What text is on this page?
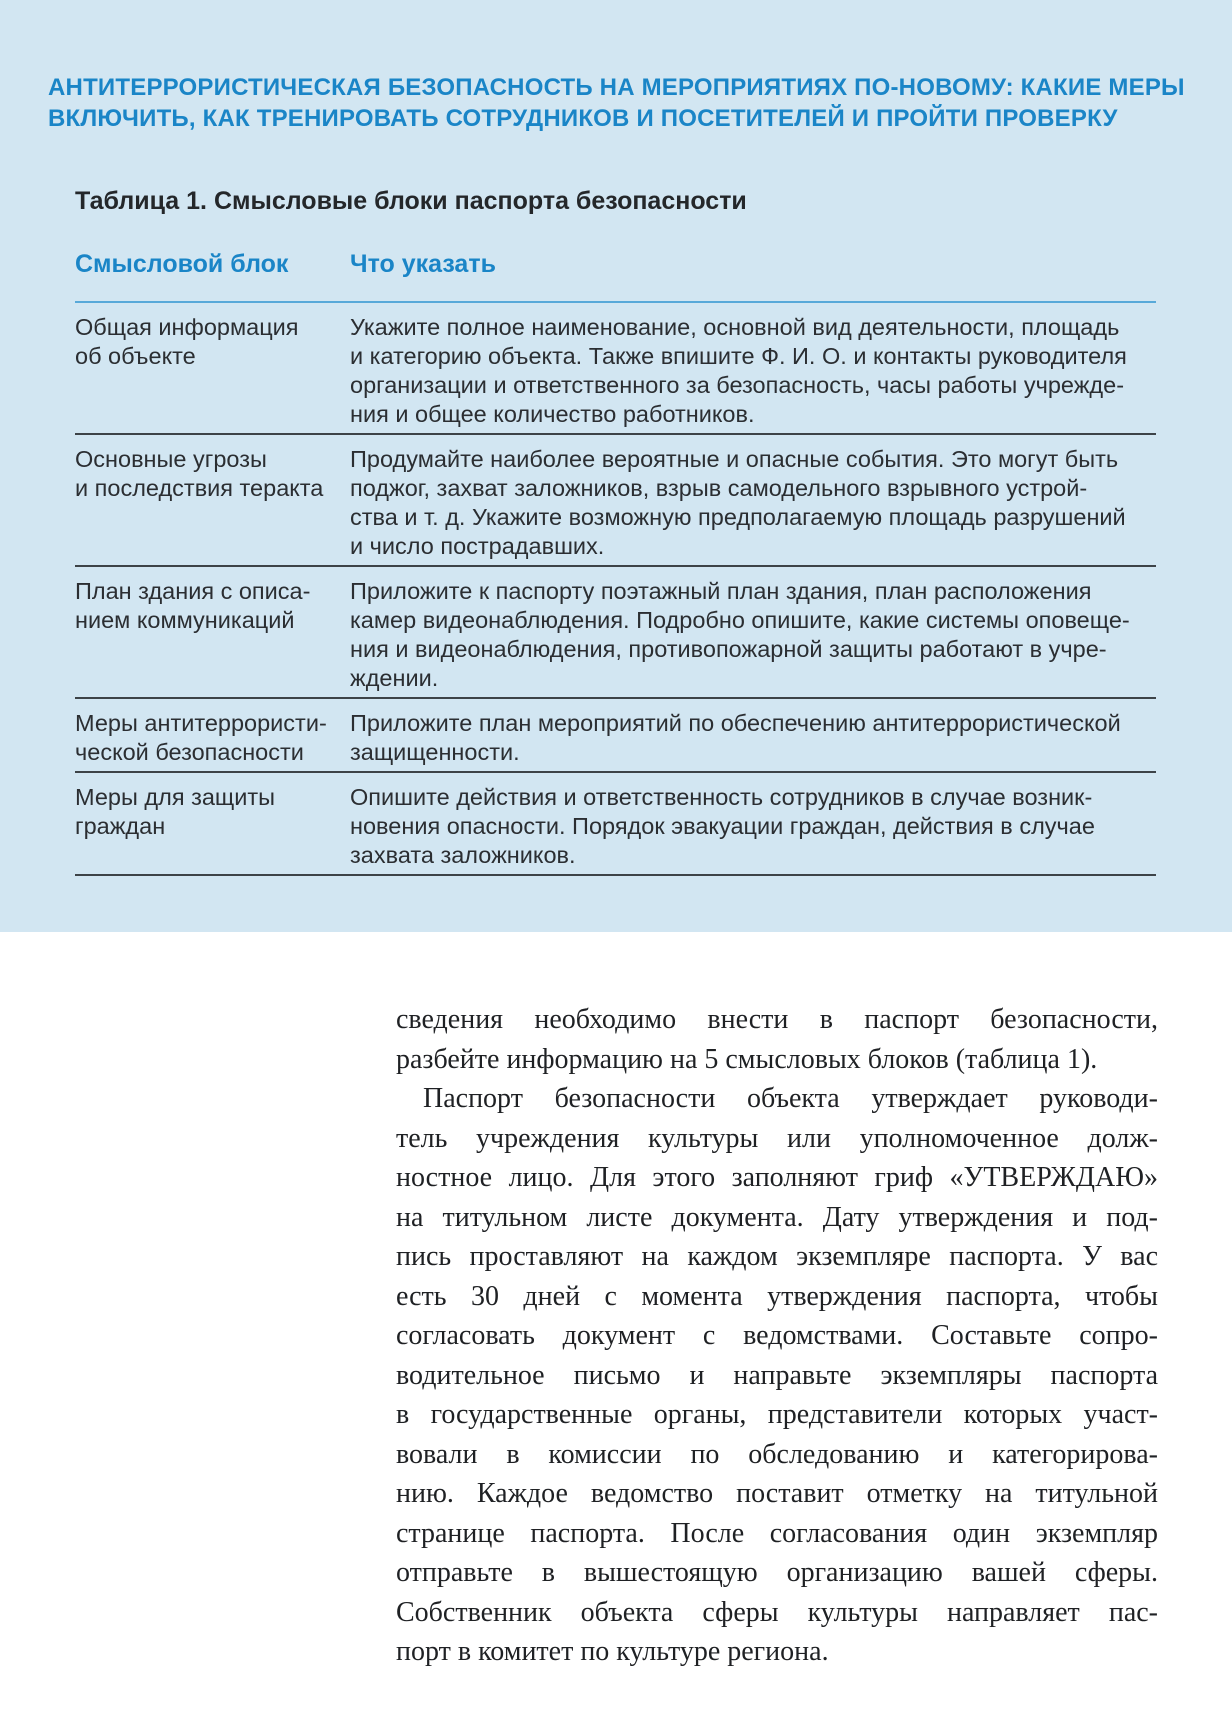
АНТИТЕРРОРИСТИЧЕСКАЯ БЕЗОПАСНОСТЬ НА МЕРОПРИЯТИЯХ ПО-НОВОМУ: КАКИЕ МЕРЫ
ВКЛЮЧИТЬ, КАК ТРЕНИРОВАТЬ СОТРУДНИКОВ И ПОСЕТИТЕЛЕЙ И ПРОЙТИ ПРОВЕРКУ
Таблица 1. Смысловые блоки паспорта безопасности
Смысловой блок	Что указать
Общая информация
об объекте
Укажите полное наименование, основной вид деятельности, площадь
и категорию объекта. Также впишите Ф. И. О. и контакты руководителя
организации и ответственного за безопасность, часы работы учрежде-
ния и общее количество работников.
Основные угрозы
и последствия теракта
Продумайте наиболее вероятные и опасные события. Это могут быть
поджог, захват заложников, взрыв самодельного взрывного устрой-
ства и т. д. Укажите возможную предполагаемую площадь разрушений
и число пострадавших.
План здания с описа-
нием коммуникаций
Приложите к паспорту поэтажный план здания, план расположения
камер видеонаблюдения. Подробно опишите, какие системы оповеще-
ния и видеонаблюдения, противопожарной защиты работают в учре-
ждении.
Меры антитеррористи-
ческой безопасности
Приложите план мероприятий по обеспечению антитеррористической
защищенности.
Меры для защиты
граждан
Опишите действия и ответственность сотрудников в случае возник-
новения опасности. Порядок эвакуации граждан, действия в случае
захвата заложников.
сведения необходимо внести в паспорт безопасности,
разбейте информацию на 5 смысловых блоков (таблица 1).
Паспорт безопасности объекта утверждает руководи-
тель учреждения культуры или уполномоченное долж-
ностное лицо. Для этого заполняют гриф «УТВЕРЖДАЮ»
на титульном листе документа. Дату утверждения и под-
пись проставляют на каждом экземпляре паспорта. У вас
есть 30 дней с момента утверждения паспорта, чтобы
согласовать документ с ведомствами. Составьте сопро-
водительное письмо и направьте экземпляры паспорта
в государственные органы, представители которых участ-
вовали в комиссии по обследованию и категорирова-
нию. Каждое ведомство поставит отметку на титульной
странице паспорта. После согласования один экземпляр
отправьте в вышестоящую организацию вашей сферы.
Собственник объекта сферы культуры направляет пас-
порт в комитет по культуре региона.
